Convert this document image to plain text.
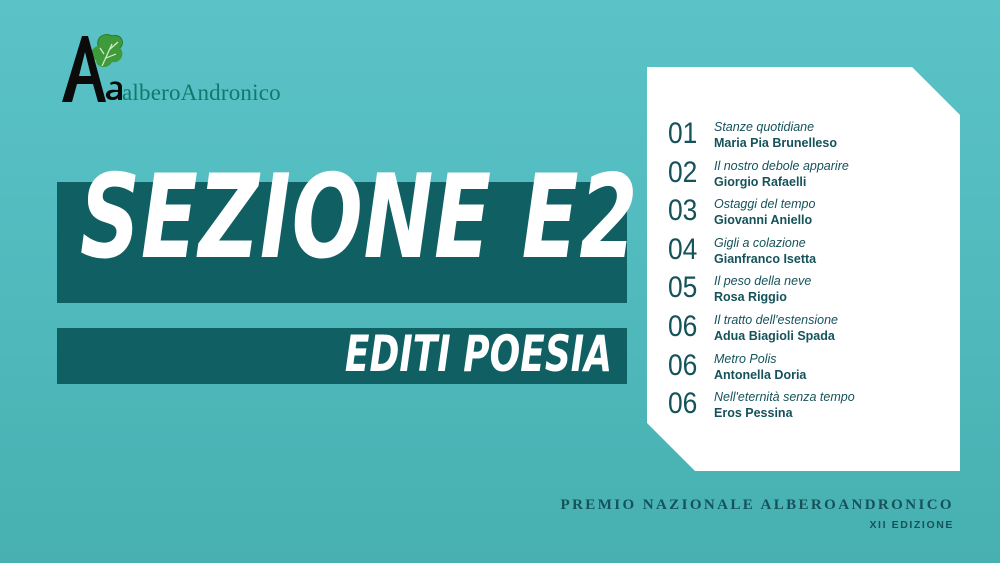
alberoAndronico
SEZIONE E2
EDITI POESIA
01 Stanze quotidiane
Maria Pia Brunelleso
02 Il nostro debole apparire
Giorgio Rafaelli
03 Ostaggi del tempo
Giovanni Aniello
04 Gigli a colazione
Gianfranco Isetta
05 Il peso della neve
Rosa Riggio
06 Il tratto dell'estensione
Adua Biagioli Spada
06 Metro Polis
Antonella Doria
06 Nell'eternità senza tempo
Eros Pessina
PREMIO NAZIONALE ALBEROANDRONICO
XII EDIZIONE
